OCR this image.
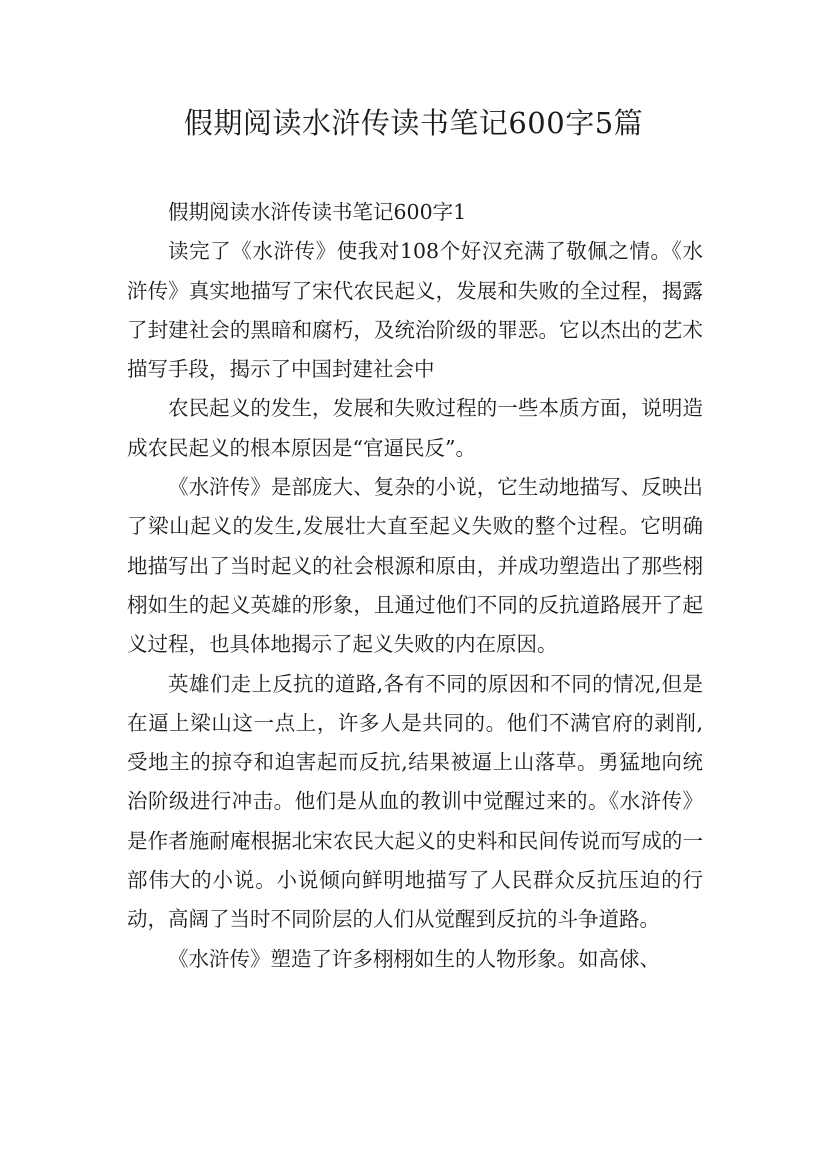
假期阅读水浒传读书笔记600字5篇

假期阅读水浒传读书笔记600字1

读完了《水浒传》使我对108个好汉充满了敬佩之情。《水浒传》真实地描写了宋代农民起义，发展和失败的全过程，揭露了封建社会的黑暗和腐朽，及统治阶级的罪恶。它以杰出的艺术描写手段，揭示了中国封建社会中

农民起义的发生，发展和失败过程的一些本质方面，说明造成农民起义的根本原因是“官逼民反”。

《水浒传》是部庞大、复杂的小说，它生动地描写、反映出了梁山起义的发生,发展壮大直至起义失败的整个过程。它明确地描写出了当时起义的社会根源和原由，并成功塑造出了那些栩栩如生的起义英雄的形象，且通过他们不同的反抗道路展开了起义过程，也具体地揭示了起义失败的内在原因。

英雄们走上反抗的道路,各有不同的原因和不同的情况,但是在逼上梁山这一点上，许多人是共同的。他们不满官府的剥削,受地主的掠夺和迫害起而反抗,结果被逼上山落草。勇猛地向统治阶级进行冲击。他们是从血的教训中觉醒过来的。《水浒传》是作者施耐庵根据北宋农民大起义的史料和民间传说而写成的一部伟大的小说。小说倾向鲜明地描写了人民群众反抗压迫的行动，高阔了当时不同阶层的人们从觉醒到反抗的斗争道路。

《水浒传》塑造了许多栩栩如生的人物形象。如高俅、
